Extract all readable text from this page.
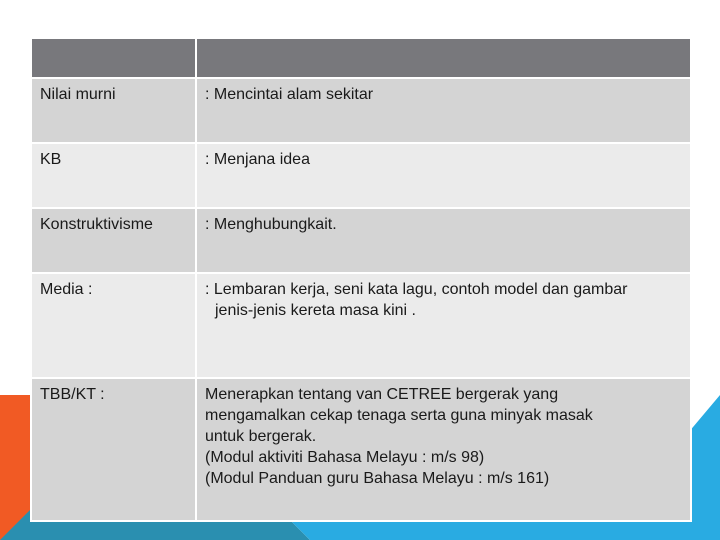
Nilai murni	: Mencintai alam sekitar

KB	: Menjana idea

Konstruktivisme	: Menghubungkait.

Media :	: Lembaran kerja, seni kata lagu, contoh model dan gambar
jenis-jenis kereta masa kini .

TBB/KT :	Menerapkan tentang van CETREE bergerak yang
mengamalkan cekap tenaga serta guna minyak masak
untuk bergerak.
(Modul aktiviti Bahasa Melayu : m/s 98)
(Modul Panduan guru Bahasa Melayu : m/s 161)
